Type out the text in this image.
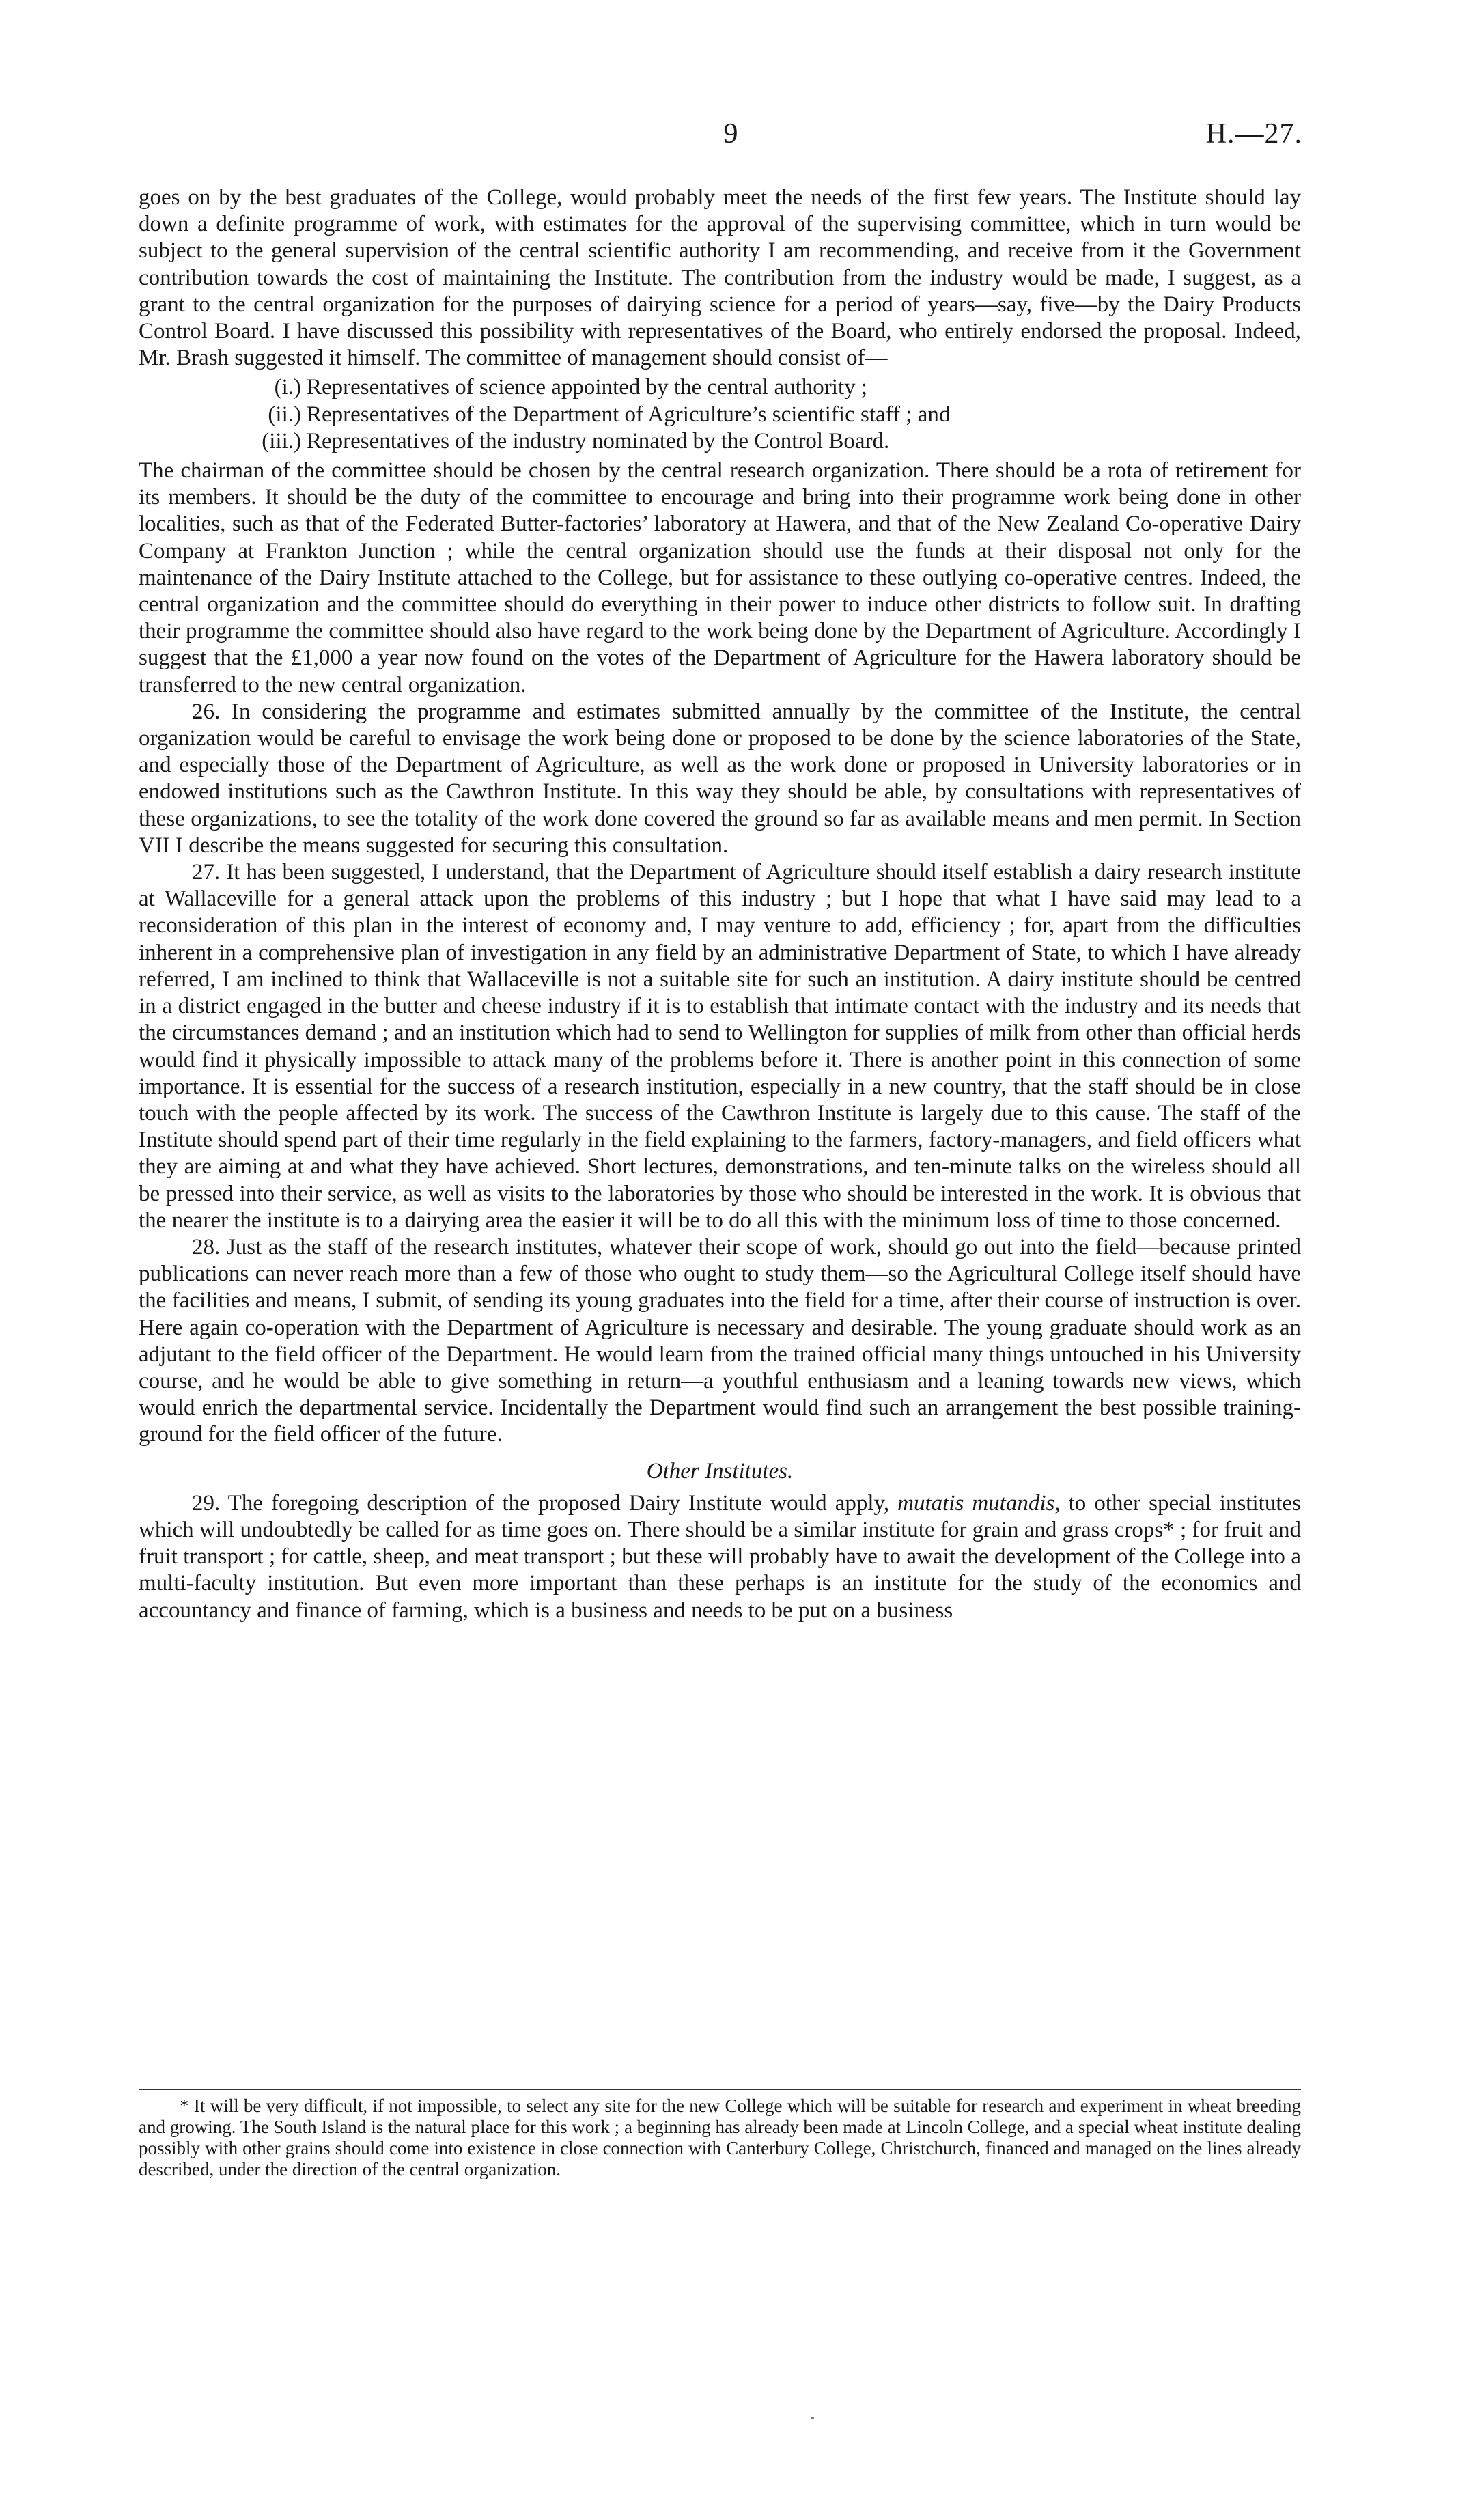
9	H.—27.

goes on by the best graduates of the College, would probably meet the needs of the first few years. The Institute should lay down a definite programme of work, with estimates for the approval of the supervising committee, which in turn would be subject to the general supervision of the central scientific authority I am recommending, and receive from it the Government contribution towards the cost of maintaining the Institute. The contribution from the industry would be made, I suggest, as a grant to the central organization for the purposes of dairying science for a period of years—say, five—by the Dairy Products Control Board. I have discussed this possibility with representatives of the Board, who entirely endorsed the proposal. Indeed, Mr. Brash suggested it himself. The committee of management should consist of—

(i.) Representatives of science appointed by the central authority ;
(ii.) Representatives of the Department of Agriculture’s scientific staff ; and
(iii.) Representatives of the industry nominated by the Control Board.

The chairman of the committee should be chosen by the central research organization. There should be a rota of retirement for its members. It should be the duty of the committee to encourage and bring into their programme work being done in other localities, such as that of the Federated Butter-factories’ laboratory at Hawera, and that of the New Zealand Co-operative Dairy Company at Frankton Junction ; while the central organization should use the funds at their disposal not only for the maintenance of the Dairy Institute attached to the College, but for assistance to these outlying co-operative centres. Indeed, the central organization and the committee should do everything in their power to induce other districts to follow suit. In drafting their programme the committee should also have regard to the work being done by the Department of Agriculture. Accordingly I suggest that the £1,000 a year now found on the votes of the Department of Agriculture for the Hawera laboratory should be transferred to the new central organization.

26. In considering the programme and estimates submitted annually by the committee of the Institute, the central organization would be careful to envisage the work being done or proposed to be done by the science laboratories of the State, and especially those of the Department of Agriculture, as well as the work done or proposed in University laboratories or in endowed institutions such as the Cawthron Institute. In this way they should be able, by consultations with representatives of these organizations, to see the totality of the work done covered the ground so far as available means and men permit. In Section VII I describe the means suggested for securing this consultation.

27. It has been suggested, I understand, that the Department of Agriculture should itself establish a dairy research institute at Wallaceville for a general attack upon the problems of this industry ; but I hope that what I have said may lead to a reconsideration of this plan in the interest of economy and, I may venture to add, efficiency ; for, apart from the difficulties inherent in a comprehensive plan of investigation in any field by an administrative Department of State, to which I have already referred, I am inclined to think that Wallaceville is not a suitable site for such an institution. A dairy institute should be centred in a district engaged in the butter and cheese industry if it is to establish that intimate contact with the industry and its needs that the circumstances demand ; and an institution which had to send to Wellington for supplies of milk from other than official herds would find it physically impossible to attack many of the problems before it. There is another point in this connection of some importance. It is essential for the success of a research institution, especially in a new country, that the staff should be in close touch with the people affected by its work. The success of the Cawthron Institute is largely due to this cause. The staff of the Institute should spend part of their time regularly in the field explaining to the farmers, factory-managers, and field officers what they are aiming at and what they have achieved. Short lectures, demonstrations, and ten-minute talks on the wireless should all be pressed into their service, as well as visits to the laboratories by those who should be interested in the work. It is obvious that the nearer the institute is to a dairying area the easier it will be to do all this with the minimum loss of time to those concerned.

28. Just as the staff of the research institutes, whatever their scope of work, should go out into the field—because printed publications can never reach more than a few of those who ought to study them—so the Agricultural College itself should have the facilities and means, I submit, of sending its young graduates into the field for a time, after their course of instruction is over. Here again co-operation with the Department of Agriculture is necessary and desirable. The young graduate should work as an adjutant to the field officer of the Department. He would learn from the trained official many things untouched in his University course, and he would be able to give something in return—a youthful enthusiasm and a leaning towards new views, which would enrich the departmental service. Incidentally the Department would find such an arrangement the best possible training-ground for the field officer of the future.

Other Institutes.

29. The foregoing description of the proposed Dairy Institute would apply, mutatis mutandis, to other special institutes which will undoubtedly be called for as time goes on. There should be a similar institute for grain and grass crops* ; for fruit and fruit transport ; for cattle, sheep, and meat transport ; but these will probably have to await the development of the College into a multi-faculty institution. But even more important than these perhaps is an institute for the study of the economics and accountancy and finance of farming, which is a business and needs to be put on a business

* It will be very difficult, if not impossible, to select any site for the new College which will be suitable for research and experiment in wheat breeding and growing. The South Island is the natural place for this work ; a beginning has already been made at Lincoln College, and a special wheat institute dealing possibly with other grains should come into existence in close connection with Canterbury College, Christchurch, financed and managed on the lines already described, under the direction of the central organization.
